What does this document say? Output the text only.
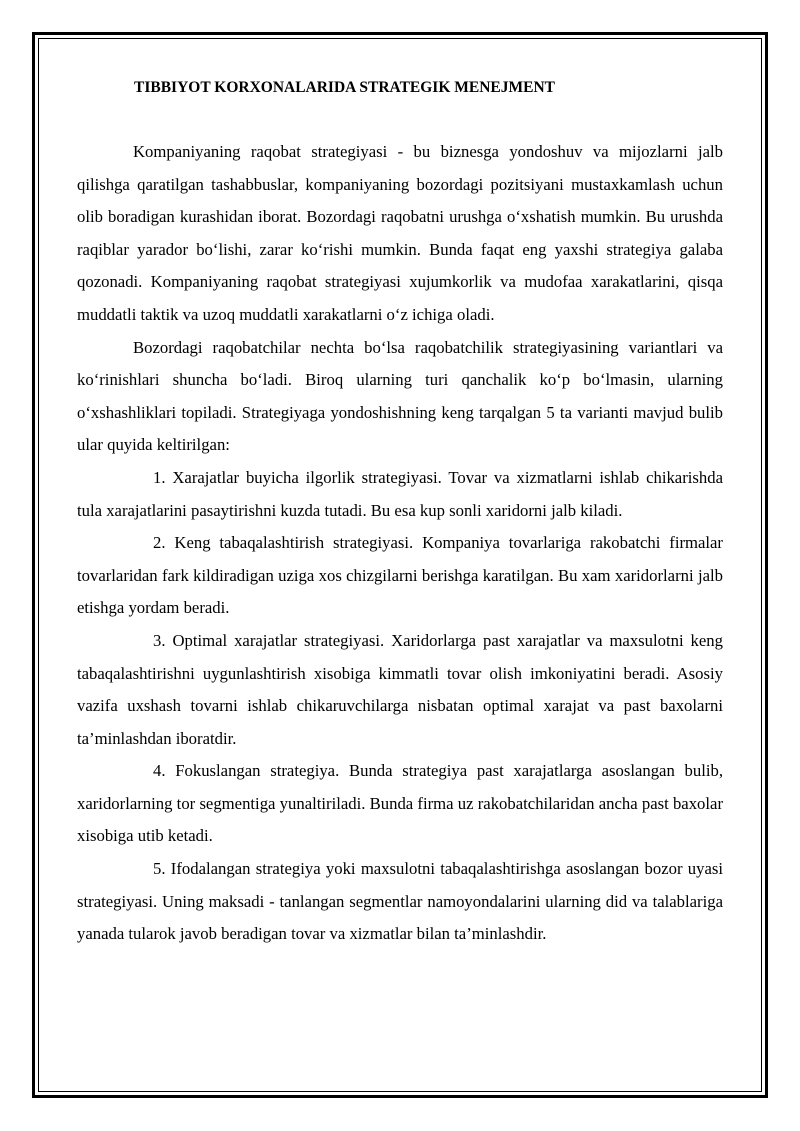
TIBBIYOT KORXONALARIDA STRATEGIK MENEJMENT

Kompaniyaning raqobat strategiyasi - bu biznesga yondoshuv va mijozlarni jalb qilishga qaratilgan tashabbuslar, kompaniyaning bozordagi pozitsiyani mustaxkamlash uchun olib boradigan kurashidan iborat. Bozordagi raqobatni urushga o‘xshatish mumkin. Bu urushda raqiblar yarador bo‘lishi, zarar ko‘rishi mumkin. Bunda faqat eng yaxshi strategiya galaba qozonadi. Kompaniyaning raqobat strategiyasi xujumkorlik va mudofaa xarakatlarini, qisqa muddatli taktik va uzoq muddatli xarakatlarni o‘z ichiga oladi.

Bozordagi raqobatchilar nechta bo‘lsa raqobatchilik strategiyasining variantlari va ko‘rinishlari shuncha bo‘ladi. Biroq ularning turi qanchalik ko‘p bo‘lmasin, ularning o‘xshashliklari topiladi. Strategiyaga yondoshishning keng tarqalgan 5 ta varianti mavjud bulib ular quyida keltirilgan:

1. Xarajatlar buyicha ilgorlik strategiyasi. Tovar va xizmatlarni ishlab chikarishda tula xarajatlarini pasaytirishni kuzda tutadi. Bu esa kup sonli xaridorni jalb kiladi.

2. Keng tabaqalashtirish strategiyasi. Kompaniya tovarlariga rakobatchi firmalar tovarlaridan fark kildiradigan uziga xos chizgilarni berishga karatilgan. Bu xam xaridorlarni jalb etishga yordam beradi.

3. Optimal xarajatlar strategiyasi. Xaridorlarga past xarajatlar va maxsulotni keng tabaqalashtirishni uygunlashtirish xisobiga kimmatli tovar olish imkoniyatini beradi. Asosiy vazifa uxshash tovarni ishlab chikaruvchilarga nisbatan optimal xarajat va past baxolarni ta’minlashdan iboratdir.

4. Fokuslangan strategiya. Bunda strategiya past xarajatlarga asoslangan bulib, xaridorlarning tor segmentiga yunaltiriladi. Bunda firma uz rakobatchilaridan ancha past baxolar xisobiga utib ketadi.

5. Ifodalangan strategiya yoki maxsulotni tabaqalashtirishga asoslangan bozor uyasi strategiyasi. Uning maksadi - tanlangan segmentlar namoyondalarini ularning did va talablariga yanada tularok javob beradigan tovar va xizmatlar bilan ta’minlashdir.
